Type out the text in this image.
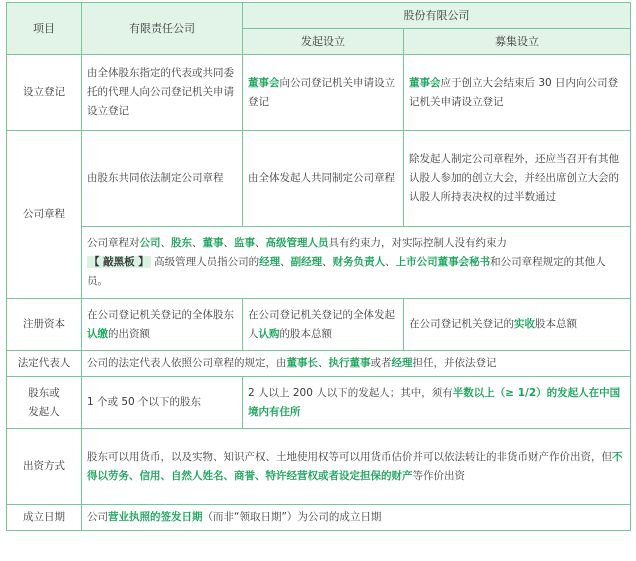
项目	有限责任公司	股份有限公司	
		发起设立	募集设立
设立登记	由全体股东指定的代表或共同委托的代理人向公司登记机关申请设立登记	董事会向公司登记机关申请设立登记	董事会应于创立大会结束后 30 日内向公司登记机关申请设立登记
公司章程	由股东共同依法制定公司章程	由全体发起人共同制定公司章程	除发起人制定公司章程外，还应当召开有其他认股人参加的创立大会，并经出席创立大会的认股人所持表决权的过半数通过

	公司章程对公司、股东、董事、监事、高级管理人员具有约束力，对实际控制人没有约束力
【 敲黑板 】 高级管理人员指公司的经理、副经理、财务负责人、上市公司董事会秘书和公司章程规定的其他人员。		

注册资本	在公司登记机关登记的全体股东认缴的出资额	在公司登记机关登记的全体发起人认购的股本总额	在公司登记机关登记的实收股本总额
法定代表人	公司的法定代表人依照公司章程的规定，由董事长、执行董事或者经理担任，并依法登记		

股东或
发起人	1 个或 50 个以下的股东	2 人以上 200 人以下的发起人；其中，须有半数以上（≥ 1/2）的发起人在中国境内有住所	
出资方式	股东可以用货币，以及实物、知识产权、土地使用权等可以用货币估价并可以依法转让的非货币财产作价出资，但不得以劳务、信用、自然人姓名、商誉、特许经营权或者设定担保的财产等作价出资		
成立日期	公司营业执照的签发日期（而非“领取日期”）为公司的成立日期		
